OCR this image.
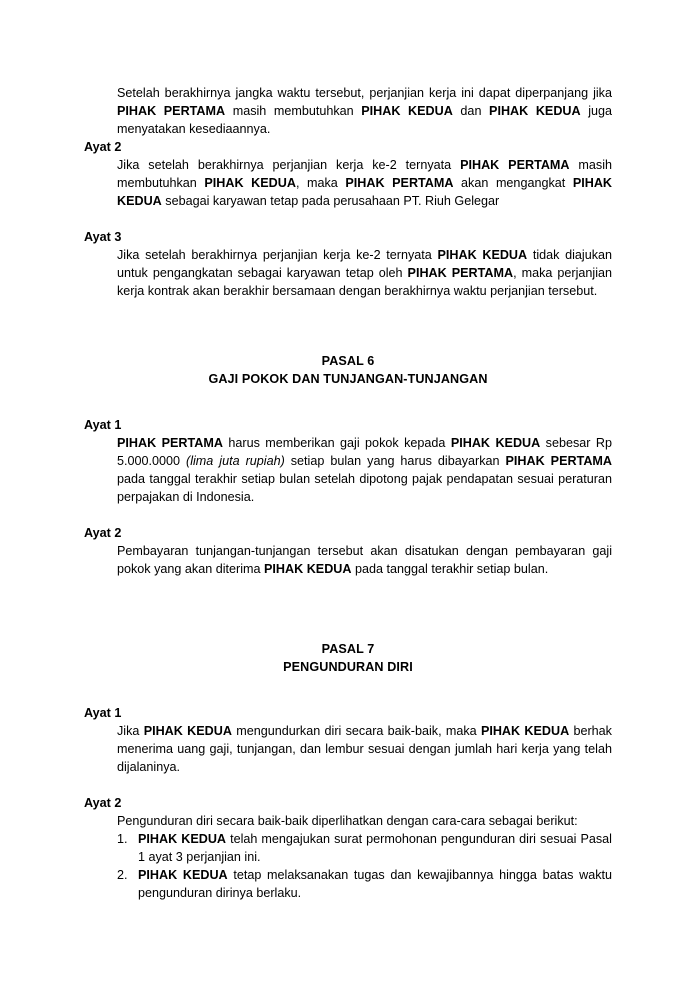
Setelah berakhirnya jangka waktu tersebut, perjanjian kerja ini dapat diperpanjang jika PIHAK PERTAMA masih membutuhkan PIHAK KEDUA dan PIHAK KEDUA juga menyatakan kesediaannya.

Ayat 2

Jika setelah berakhirnya perjanjian kerja ke-2 ternyata PIHAK PERTAMA masih membutuhkan PIHAK KEDUA, maka PIHAK PERTAMA akan mengangkat PIHAK KEDUA sebagai karyawan tetap pada perusahaan PT. Riuh Gelegar

Ayat 3

Jika setelah berakhirnya perjanjian kerja ke-2 ternyata PIHAK KEDUA tidak diajukan untuk pengangkatan sebagai karyawan tetap oleh PIHAK PERTAMA, maka perjanjian kerja kontrak akan berakhir bersamaan dengan berakhirnya waktu perjanjian tersebut.

PASAL 6

GAJI POKOK DAN TUNJANGAN-TUNJANGAN

Ayat 1

PIHAK PERTAMA harus memberikan gaji pokok kepada PIHAK KEDUA sebesar Rp 5.000.0000 (lima juta rupiah) setiap bulan yang harus dibayarkan PIHAK PERTAMA pada tanggal terakhir setiap bulan setelah dipotong pajak pendapatan sesuai peraturan perpajakan di Indonesia.

Ayat 2

Pembayaran tunjangan-tunjangan tersebut akan disatukan dengan pembayaran gaji pokok yang akan diterima PIHAK KEDUA pada tanggal terakhir setiap bulan.

PASAL 7

PENGUNDURAN DIRI

Ayat 1

Jika PIHAK KEDUA mengundurkan diri secara baik-baik, maka PIHAK KEDUA berhak menerima uang gaji, tunjangan, dan lembur sesuai dengan jumlah hari kerja yang telah dijalaninya.

Ayat 2

Pengunduran diri secara baik-baik diperlihatkan dengan cara-cara sebagai berikut:

1. PIHAK KEDUA telah mengajukan surat permohonan pengunduran diri sesuai Pasal 1 ayat 3 perjanjian ini.
2. PIHAK KEDUA tetap melaksanakan tugas dan kewajibannya hingga batas waktu pengunduran dirinya berlaku.
